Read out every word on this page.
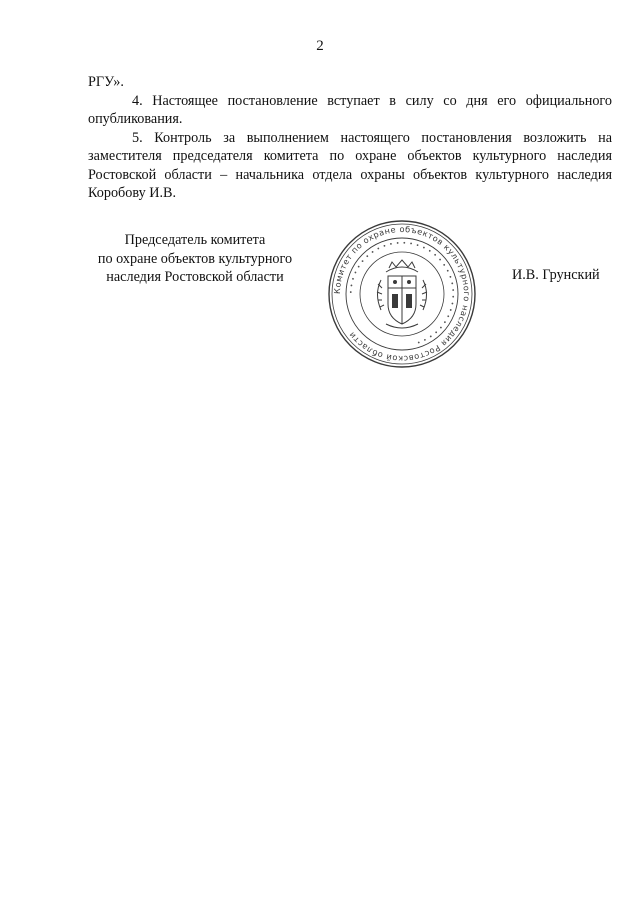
2

РГУ».

4. Настоящее постановление вступает в силу со дня его официального опубликования.

5. Контроль за выполнением настоящего постановления возложить на заместителя председателя комитета по охране объектов культурного наследия Ростовской области – начальника отдела охраны объектов культурного наследия Коробову И.В.

Председатель комитета
по охране объектов культурного
наследия Ростовской области
Комитет по охране объектов культурного наследия Ростовской области
• • • • • • • • • • • • • • • • • • • • • • • • • • • • • • • • • •
И.В. Грунский
